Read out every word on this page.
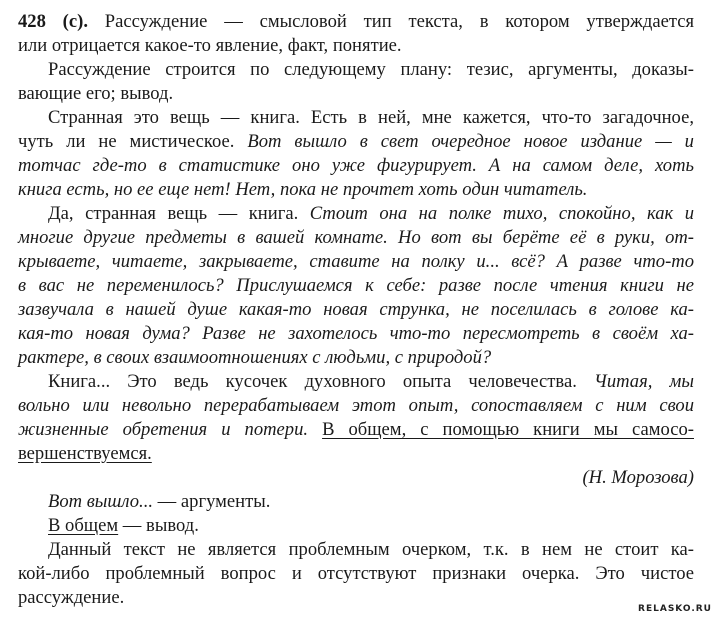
428 (с). Рассуждение — смысловой тип текста, в котором утверждается
или отрицается какое-то явление, факт, понятие.
Рассуждение строится по следующему плану: тезис, аргументы, доказы-
вающие его; вывод.
Странная это вещь — книга. Есть в ней, мне кажется, что-то загадочное,
чуть ли не мистическое. Вот вышло в свет очередное новое издание — и
тотчас где-то в статистике оно уже фигурирует. А на самом деле, хоть
книга есть, но ее еще нет! Нет, пока не прочтет хоть один читатель.
Да, странная вещь — книга. Стоит она на полке тихо, спокойно, как и
многие другие предметы в вашей комнате. Но вот вы берёте её в руки, от-
крываете, читаете, закрываете, ставите на полку и... всё? А разве что-то
в вас не переменилось? Прислушаемся к себе: разве после чтения книги не
зазвучала в нашей душе какая-то новая струнка, не поселилась в голове ка-
кая-то новая дума? Разве не захотелось что-то пересмотреть в своём ха-
рактере, в своих взаимоотношениях с людьми, с природой?
Книга... Это ведь кусочек духовного опыта человечества. Читая, мы
вольно или невольно перерабатываем этот опыт, сопоставляем с ним свои
жизненные обретения и потери. В общем, с помощью книги мы самосо-
вершенствуемся.
(Н. Морозова)
Вот вышло... — аргументы.
В общем — вывод.
Данный текст не является проблемным очерком, т.к. в нем не стоит ка-
кой-либо проблемный вопрос и отсутствуют признаки очерка. Это чистое
рассуждение.
RELASKO.RU
